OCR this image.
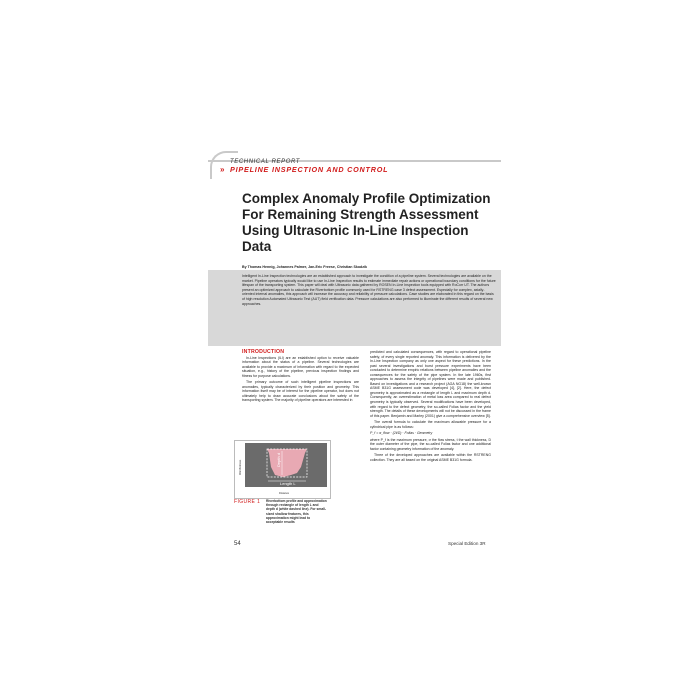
TECHNICAL REPORT
» PIPELINE INSPECTION AND CONTROL
Complex Anomaly Profile Optimization For Remaining Strength Assessment Using Ultrasonic In-Line Inspection Data
By Thomas Hennig, Johannes Palmer, Jan-Eric Freese, Christian Skodzik
Intelligent In-Line Inspection technologies are an established approach to investigate the condition of a pipeline system. Several technologies are available on the market. Pipeline operators typically would like to use In-Line Inspection results to estimate immediate repair actions or operational boundary conditions for the future lifespan of the transporting system. This paper will deal with Ultrasonic data gathered by ROSEN In-Line Inspection tools equipped with RoCorr UT. The authors present an optimized approach to calculate the Riverbottom profile commonly used for RSTRENG case 3 defect assessment. Especially for complex, axially-oriented internal anomalies, this approach will increase the accuracy and reliability of pressure calculations. Case studies are elaborated in this regard on the basis of high resolution Automated Ultrasonic Test (AUT) field verification data. Pressure calculations are also performed to illuminate the different results of several new approaches.
INTRODUCTION

In-Line Inspections (ILI) are an established option to receive valuable information about the status of a pipeline. Several technologies are available to provide a maximum of information with regard to the expected situation, e.g., history of the pipeline, previous inspection findings and fitness for purpose calculations.

The primary outcome of such intelligent pipeline inspections are anomalies, typically characterized by their position and geometry. This information itself may be of interest for the pipeline operator, but does not ultimately help to draw accurate conclusions about the safety of the transporting system. The majority of pipeline operators are interested in

predicted and calculated consequences, with regard to operational pipeline safety, of every single reported anomaly. This information is delivered by the In-Line Inspection company as only one aspect for these predictions. In the past several investigations and burst pressure experiments have been conducted to determine empiric relations between pipeline anomalies and the consequences for the safety of the pipe system. In the late 1960s, first approaches to assess the integrity of pipelines were made and published. Based on investigations and a research project (AGA NG18) the well-known ASME B31G assessment code was developed [4], [2]. Here, the defect geometry is approximated as a rectangle of length L and maximum depth d. Consequently, an overestimation of metal loss area compared to real defect geometry is typically observed. Several modifications have been developed, with regard to the defect geometry, the so-called Folias factor and the yield strength. The details of these developments will not be discussed in the frame of this paper. Benjamin and Marley (2001) give a comprehensive overview [5].

The overall formula to calculate the maximum allowable pressure for a cylindrical pipe is as follows:

P_f = σ_flow · (2t/D) · Folias · Geometry

where P_f is the maximum pressure, σ the flow stress, t the wall thickness, D the outer diameter of the pipe, the so-called Folias factor and one additional factor containing geometry information of the anomaly.

Three of the developed approaches are available within the RSTRENG collection. They are all based on the original ASME B31G formula.

Depth d
Length L
Wall thickness
Distance
FIGURE 1 Riverbottom profile and approximation through rectangle of length L and depth d (white dashed line). For small-sized shallow features, this approximation might lead to acceptable results
54	Special Edition 3R
